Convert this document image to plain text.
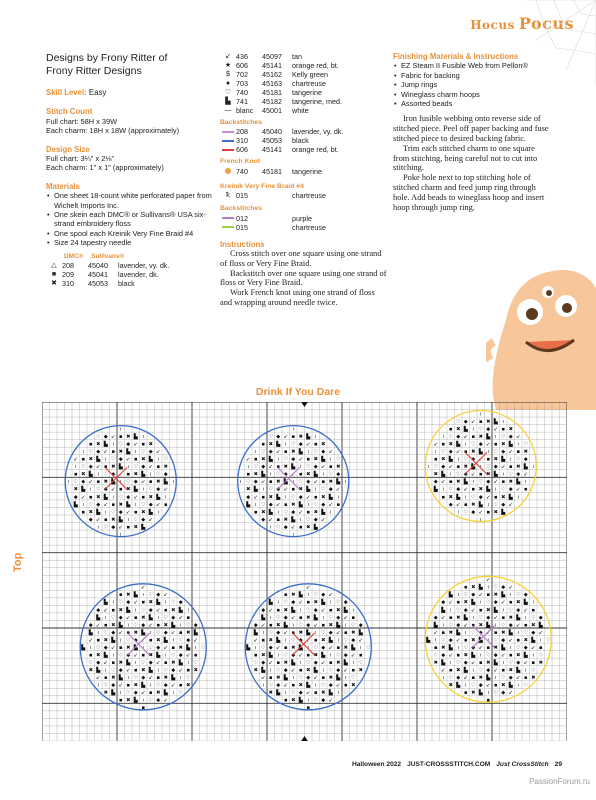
Hocus Pocus
Designs by Frony Ritter of
Frony Ritter Designs
Skill Level: Easy
Stitch Count
Full chart: 58H x 39W
Each charm: 18H x 18W (approximately)
Design Size
Full chart: 3¼" x 2⅛"
Each charm: 1" x 1" (approximately)
Materials
• One sheet 18-count white perforated paper from Wichelt Imports Inc.
• One skein each DMC® or Sullivans® USA six-strand embroidery floss
• One spool each Kreinik Very Fine Braid #4
• Size 24 tapestry needle
DMC® Sullivans®
△ 208	45040	lavender, vy. dk.
■ 209	45041	lavender, dk.
✖ 310	45053	black
↙ 436	45097	tan
★ 606	45141	orange red, bt.
$ 702	45162	Kelly green
● 703	45163	chartreuse
♡ 740	45181	tangerine
▙ 741	45182	tangerine, med.
— blanc	45001	white
Backstitches
208	45040	lavender, vy. dk.
310	45053	black
606	45141	orange red, bt.
French Knot
740	45181	tangerine
Kreinik Very Fine Braid #4
ꝁ 015	chartreuse
Backstitches
012	purple
015	chartreuse
Instructions

Cross stitch over one square using one strand of floss or Very Fine Braid.

Backstitch over one square using one strand of floss or Very Fine Braid.

Work French knot using one strand of floss and wrapping around needle twice.

Finishing Materials & Instructions
• EZ Steam II Fusible Web from Pellon®
• Fabric for backing
• Jump rings
• Wineglass charm hoops
• Assorted beads

Iron fusible webbing onto reverse side of stitched piece. Peel off paper backing and fuse stitched piece to desired backing fabric.

Trim each stitched charm to one square from stitching, being careful not to cut into stitching.

Poke hole next to top stitching hole of stitched charm and feed jump ring through hole. Add beads to wineglass hoop and insert hoop through jump ring.

Drink If You Dare
Top
ı
♡ ◆ ↙ ▪ ✖ ▙ ı
▪ ✖ ▙ ı ♡ ◆ ↙ ▪ ✖
ı ♡ ◆ ↙ ▪ ✖ ▙ ı ♡ ◆ ↙
↙ ▪ ✖ ▙ ı ♡ ◆ ↙ ▪ ✖ ▙ ı ♡
ı ♡ ◆ ↙ ▪ ✖ ▙ ı ♡ ◆ ↙ ▪ ✖
▪ ✖ ▙ ı ♡ ◆ ↙ ▪ ✖ ▙ ı ♡ ◆
ı ♡ ◆ ↙ ▪ ✖ ▙ ı ♡ ◆ ↙ ▪ ✖ ▙ ı
✖ ▙ ı ♡ ◆ ↙ ▪ ✖ ▙ ı ♡ ◆ ↙
◆ ↙ ▪ ✖ ▙ ı ♡ ◆ ↙ ▪ ✖ ▙ ı
▙ ı ♡ ◆ ↙ ▪ ✖ ▙ ı ♡ ◆ ↙ ▪
▪ ✖ ▙ ı ♡ ◆ ↙ ▪ ✖ ▙ ı
◆ ↙ ▪ ✖ ▙ ı ♡ ◆ ↙
ı ♡ ◆ ↙ ▪ ✖ ▙
ı
ı
♡ ◆ ↙ ▪ ✖ ▙ ı
▪ ✖ ▙ ı ♡ ◆ ↙ ▪ ✖
ı ♡ ◆ ↙ ▪ ✖ ▙ ı ♡ ◆ ↙
↙ ▪ ✖ ▙ ı ♡ ◆ ↙ ▪ ✖ ▙ ı ♡
ı ♡ ◆ ↙ ▪ ✖ ▙ ı ♡ ◆ ↙ ▪ ✖
▪ ✖ ▙ ı ♡ ◆ ↙ ▪ ✖ ▙ ı ♡ ◆
ı ♡ ◆ ↙ ▪ ✖ ▙ ı ♡ ◆ ↙ ▪ ✖ ▙ ı
✖ ▙ ı ♡ ◆ ↙ ▪ ✖ ▙ ı ♡ ◆ ↙
◆ ↙ ▪ ✖ ▙ ı ♡ ◆ ↙ ▪ ✖ ▙ ı
▙ ı ♡ ◆ ↙ ▪ ✖ ▙ ı ♡ ◆ ↙ ▪
▪ ✖ ▙ ı ♡ ◆ ↙ ▪ ✖ ▙ ı
◆ ↙ ▪ ✖ ▙ ı ♡ ◆ ↙
ı ♡ ◆ ↙ ▪ ✖ ▙
ı
ı
♡ ◆ ↙ ▪ ✖ ▙ ı
▪ ✖ ▙ ı ♡ ◆ ↙ ▪ ✖
ı ♡ ◆ ↙ ▪ ✖ ▙ ı ♡ ◆ ↙
↙ ▪ ✖ ▙ ı ♡ ◆ ↙ ▪ ✖ ▙ ı ♡
ı ♡ ◆ ↙ ▪ ✖ ▙ ı ♡ ◆ ↙ ▪ ✖
▪ ✖ ▙ ı ♡ ◆ ↙ ▪ ✖ ▙ ı ♡ ◆
ı ♡ ◆ ↙ ▪ ✖ ▙ ı ♡ ◆ ↙ ▪ ✖ ▙ ı
✖ ▙ ı ♡ ◆ ↙ ▪ ✖ ▙ ı ♡ ◆ ↙
◆ ↙ ▪ ✖ ▙ ı ♡ ◆ ↙ ▪ ✖ ▙ ı
▙ ı ♡ ◆ ↙ ▪ ✖ ▙ ı ♡ ◆ ↙ ▪
▪ ✖ ▙ ı ♡ ◆ ↙ ▪ ✖ ▙ ı
◆ ↙ ▪ ✖ ▙ ı ♡ ◆ ↙
ı ♡ ◆ ↙ ▪ ✖ ▙
ı
↙
▪ ✖ ▙ ı ♡ ◆ ↙
▙ ı ♡ ◆ ↙ ▪ ✖ ▙ ı ♡ ◆
◆ ↙ ▪ ✖ ▙ ı ♡ ◆ ↙ ▪ ✖ ▙ ı
▙ ı ♡ ◆ ↙ ▪ ✖ ▙ ı ♡ ◆ ↙ ▪
◆ ↙ ▪ ✖ ▙ ı ♡ ◆ ↙ ▪ ✖ ▙ ı ♡ ◆
▙ ı ♡ ◆ ↙ ▪ ✖ ▙ ı ♡ ◆ ↙ ▪ ✖ ▙
↙ ▪ ✖ ▙ ı ♡ ◆ ↙ ▪ ✖ ▙ ı ♡ ◆ ↙
▙ ı ♡ ◆ ↙ ▪ ✖ ▙ ı ♡ ◆ ↙ ▪ ✖ ▙ ı ♡
▪ ✖ ▙ ı ♡ ◆ ↙ ▪ ✖ ▙ ı ♡ ◆ ↙ ▪
♡ ◆ ↙ ▪ ✖ ▙ ı ♡ ◆ ↙ ▪ ✖ ▙ ı ♡
✖ ▙ ı ♡ ◆ ↙ ▪ ✖ ▙ ı ♡ ◆ ↙ ▪ ✖
↙ ▪ ✖ ▙ ı ♡ ◆ ↙ ▪ ✖ ▙ ı ♡
ı ♡ ◆ ↙ ▪ ✖ ▙ ı ♡ ◆ ↙ ▪ ✖
✖ ▙ ı ♡ ◆ ↙ ▪ ✖ ▙ ı ♡
▪ ✖ ▙ ı ♡ ◆ ↙
▪
↙
▪ ✖ ▙ ı ♡ ◆ ↙
▙ ı ♡ ◆ ↙ ▪ ✖ ▙ ı ♡ ◆
◆ ↙ ▪ ✖ ▙ ı ♡ ◆ ↙ ▪ ✖ ▙ ı
▙ ı ♡ ◆ ↙ ▪ ✖ ▙ ı ♡ ◆ ↙ ▪
◆ ↙ ▪ ✖ ▙ ı ♡ ◆ ↙ ▪ ✖ ▙ ı ♡ ◆
▙ ı ♡ ◆ ↙ ▪ ✖ ▙ ı ♡ ◆ ↙ ▪ ✖ ▙
↙ ▪ ✖ ▙ ı ♡ ◆ ↙ ▪ ✖ ▙ ı ♡ ◆ ↙
▙ ı ♡ ◆ ↙ ▪ ✖ ▙ ı ♡ ◆ ↙ ▪ ✖ ▙ ı ♡
▪ ✖ ▙ ı ♡ ◆ ↙ ▪ ✖ ▙ ı ♡ ◆ ↙ ▪
♡ ◆ ↙ ▪ ✖ ▙ ı ♡ ◆ ↙ ▪ ✖ ▙ ı ♡
✖ ▙ ı ♡ ◆ ↙ ▪ ✖ ▙ ı ♡ ◆ ↙ ▪ ✖
↙ ▪ ✖ ▙ ı ♡ ◆ ↙ ▪ ✖ ▙ ı ♡
ı ♡ ◆ ↙ ▪ ✖ ▙ ı ♡ ◆ ↙ ▪ ✖
✖ ▙ ı ♡ ◆ ↙ ▪ ✖ ▙ ı ♡
▪ ✖ ▙ ı ♡ ◆ ↙
▪
↙
▪ ✖ ▙ ı ♡ ◆ ↙
▙ ı ♡ ◆ ↙ ▪ ✖ ▙ ı ♡ ◆
◆ ↙ ▪ ✖ ▙ ı ♡ ◆ ↙ ▪ ✖ ▙ ı
▙ ı ♡ ◆ ↙ ▪ ✖ ▙ ı ♡ ◆ ↙ ▪
◆ ↙ ▪ ✖ ▙ ı ♡ ◆ ↙ ▪ ✖ ▙ ı ♡ ◆
▙ ı ♡ ◆ ↙ ▪ ✖ ▙ ı ♡ ◆ ↙ ▪ ✖ ▙
↙ ▪ ✖ ▙ ı ♡ ◆ ↙ ▪ ✖ ▙ ı ♡ ◆ ↙
▙ ı ♡ ◆ ↙ ▪ ✖ ▙ ı ♡ ◆ ↙ ▪ ✖ ▙ ı ♡
▪ ✖ ▙ ı ♡ ◆ ↙ ▪ ✖ ▙ ı ♡ ◆ ↙ ▪
♡ ◆ ↙ ▪ ✖ ▙ ı ♡ ◆ ↙ ▪ ✖ ▙ ı ♡
✖ ▙ ı ♡ ◆ ↙ ▪ ✖ ▙ ı ♡ ◆ ↙ ▪ ✖
↙ ▪ ✖ ▙ ı ♡ ◆ ↙ ▪ ✖ ▙ ı ♡
ı ♡ ◆ ↙ ▪ ✖ ▙ ı ♡ ◆ ↙ ▪ ✖
✖ ▙ ı ♡ ◆ ↙ ▪ ✖ ▙ ı ♡
▪ ✖ ▙ ı ♡ ◆ ↙
▪
Halloween 2022 JUST-CROSSSTITCH.COM Just CrossStitch 29
PassionForum.ru
